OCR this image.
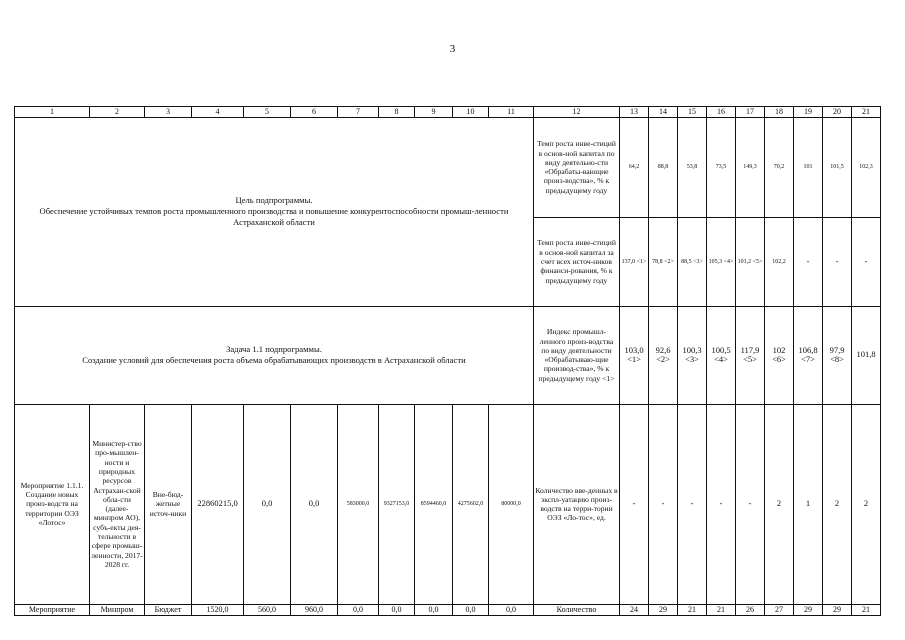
3
1	2	3	4	5	6	7	8	9	10	11	12	13	14	15	16	17	18	19	20	21

Цель подпрограммы.
Обеспечение устойчивых темпов роста промышленного производства и повышение конкурентоспособности промыш-ленности Астраханской области											Темп роста инве-стиций в основ-ной капитал по виду деятельно-сти «Обрабаты-вающие произ-водства», % к предыдущему году	64,2	88,8	53,8	73,5	149,3	70,2	101	101,5	102,3
											Темп роста инве-стиций в основ-ной капитал за счет всех источ-ников финанси-рования, % к предыдущему году	137,0 <1>	78,8 <2>	88,5 <3>	105,3 <4>	101,2 <5>	102,2	-	-	-

Задача 1.1 подпрограммы.
Создание условий для обеспечения роста объема обрабатывающих производств в Астраханской области											Индекс промышл-ленного произ-водства по виду деятельности «Обрабатываю-щие производ-ства», % к предыдущему году <1>	103,0 <1>	92,6 <2>	100,3 <3>	100,5 <4>	117,9 <5>	102 <6>	106,8 <7>	97,9 <8>	101,8
Мероприятие 1.1.1. Создание новых произ-водств на территории ОЭЗ «Лотос»	Министер-ство про-мышлен-ности и природных ресурсов Астрахан-ской обла-сти (далее-минпром АО), субъ-екты дея-тельности в сфере промыш-ленности, 2017-2028 гг.	Вне-бюд-жетные источ-ники	22860215,0	0,0	0,0	583000,0	9327153,0	8594460,0	4275602,0	80000,0	Количество вве-денных в экспл-уатацию произ-водств на терри-тории ОЭЗ «Ло-тос», ед.	-	-	-	-	-	2	1	2	2
Мероприятие	Минпром	Бюджет	1520,0	560,0	960,0	0,0	0,0	0,0	0,0	0,0	Количество	24	29	21	21	26	27	29	29	21
